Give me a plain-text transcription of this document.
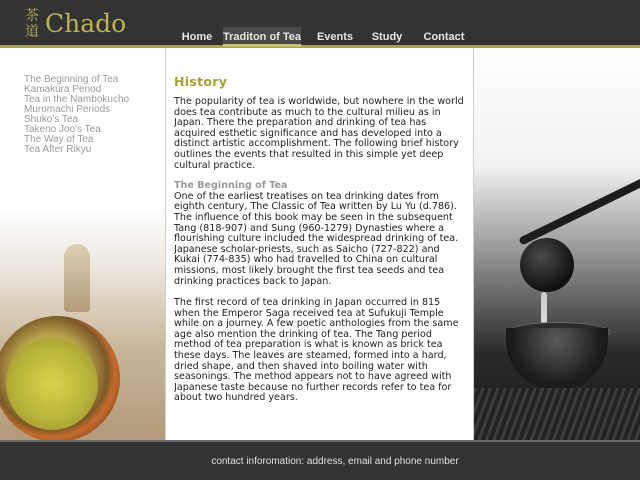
茶道 Chado	Home Traditon of Tea	Events	Study	Contact
The Beginning of Tea
Kamakura Period
Tea in the Nambokucho
Muromachi Periods
Shuko's Tea
Takeno Joo's Tea
The Way of Tea
Tea After Rikyu
History

The popularity of tea is worldwide, but nowhere in the world does tea contribute as much to the cultural milieu as in Japan. There the preparation and drinking of tea has acquired esthetic significance and has developed into a distinct artistic accomplishment. The following brief history outlines the events that resulted in this simple yet deep cultural practice.

The Beginning of Tea

One of the earliest treatises on tea drinking dates from eighth century, The Classic of Tea written by Lu Yu (d.786). The influence of this book may be seen in the subsequent Tang (818-907) and Sung (960-1279) Dynasties where a flourishing culture included the widespread drinking of tea. Japanese scholar-priests, such as Saicho (727-822) and Kukai (774-835) who had travelled to China on cultural missions, most likely brought the first tea seeds and tea drinking practices back to Japan.

The first record of tea drinking in Japan occurred in 815 when the Emperor Saga received tea at Sufukuji Temple while on a journey. A few poetic anthologies from the same age also mention the drinking of tea. The Tang period method of tea preparation is what is known as brick tea these days. The leaves are steamed, formed into a hard, dried shape, and then shaved into boiling water with seasonings. The method appears not to have agreed with Japanese taste because no further records refer to tea for about two hundred years.

contact inforomation: address, email and phone number
